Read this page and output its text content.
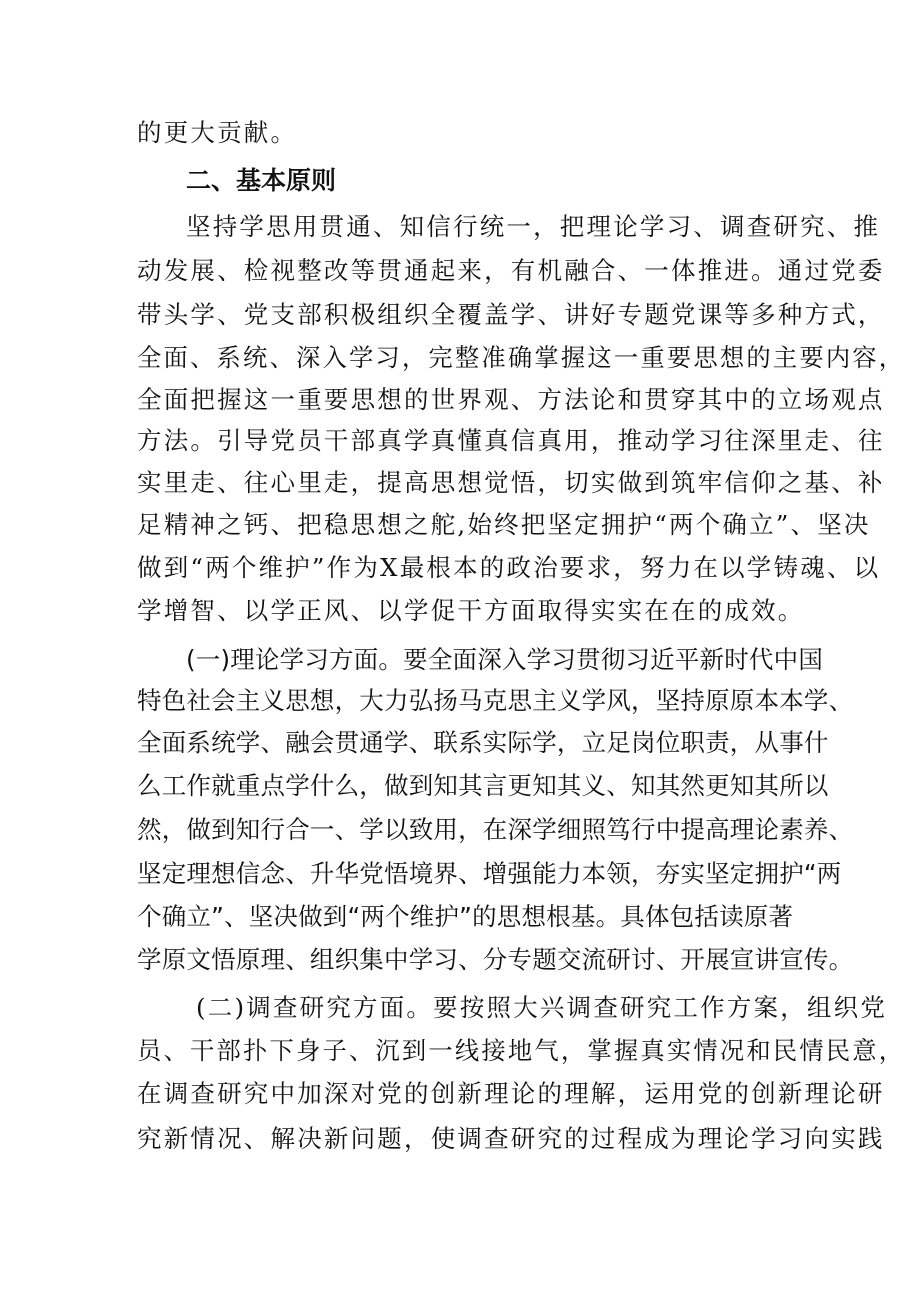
的更大贡献。
二、基本原则
坚持学思用贯通、知信行统一，把理论学习、调查研究、推
动发展、检视整改等贯通起来，有机融合、一体推进。通过党委
带头学、党支部积极组织全覆盖学、讲好专题党课等多种方式，
全面、系统、深入学习，完整准确掌握这一重要思想的主要内容，
全面把握这一重要思想的世界观、方法论和贯穿其中的立场观点
方法。引导党员干部真学真懂真信真用，推动学习往深里走、往
实里走、往心里走，提高思想觉悟，切实做到筑牢信仰之基、补
足精神之钙、把稳思想之舵,始终把坚定拥护“两个确立”、坚决
做到“两个维护”作为X最根本的政治要求，努力在以学铸魂、以
学增智、以学正风、以学促干方面取得实实在在的成效。
(一)理论学习方面。要全面深入学习贯彻习近平新时代中国
特色社会主义思想，大力弘扬马克思主义学风，坚持原原本本学、
全面系统学、融会贯通学、联系实际学，立足岗位职责，从事什
么工作就重点学什么，做到知其言更知其义、知其然更知其所以
然，做到知行合一、学以致用，在深学细照笃行中提高理论素养、
坚定理想信念、升华党悟境界、增强能力本领，夯实坚定拥护“两
个确立”、坚决做到“两个维护”的思想根基。具体包括读原著
学原文悟原理、组织集中学习、分专题交流研讨、开展宣讲宣传。
(二)调查研究方面。要按照大兴调查研究工作方案，组织党
员、干部扑下身子、沉到一线接地气，掌握真实情况和民情民意，
在调查研究中加深对党的创新理论的理解，运用党的创新理论研
究新情况、解决新问题，使调查研究的过程成为理论学习向实践
